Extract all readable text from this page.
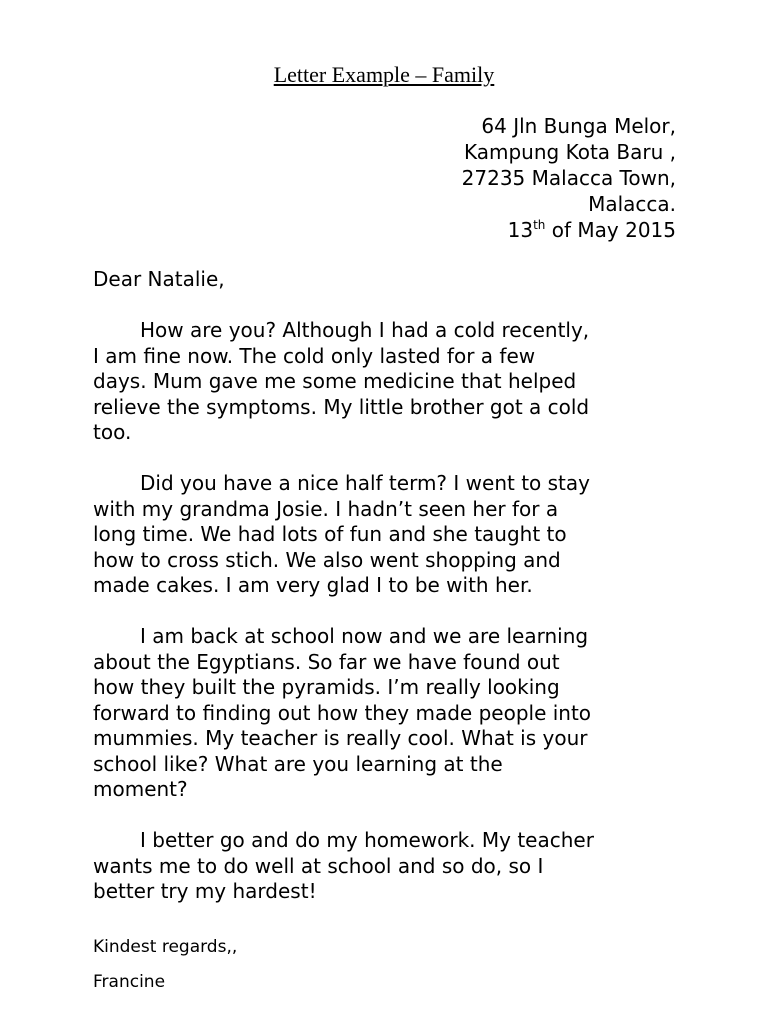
Letter Example – Family
64 Jln Bunga Melor,
Kampung Kota Baru ,
27235 Malacca Town,
Malacca.
13th of May 2015

Dear Natalie,

How are you? Although I had a cold recently,
I am fine now. The cold only lasted for a few
days. Mum gave me some medicine that helped
relieve the symptoms. My little brother got a cold
too.

Did you have a nice half term? I went to stay
with my grandma Josie. I hadn’t seen her for a
long time. We had lots of fun and she taught to
how to cross stich. We also went shopping and
made cakes. I am very glad I to be with her.

I am back at school now and we are learning
about the Egyptians. So far we have found out
how they built the pyramids. I’m really looking
forward to finding out how they made people into
mummies. My teacher is really cool. What is your
school like? What are you learning at the
moment?

I better go and do my homework. My teacher
wants me to do well at school and so do, so I
better try my hardest!

Kindest regards,,
Francine
